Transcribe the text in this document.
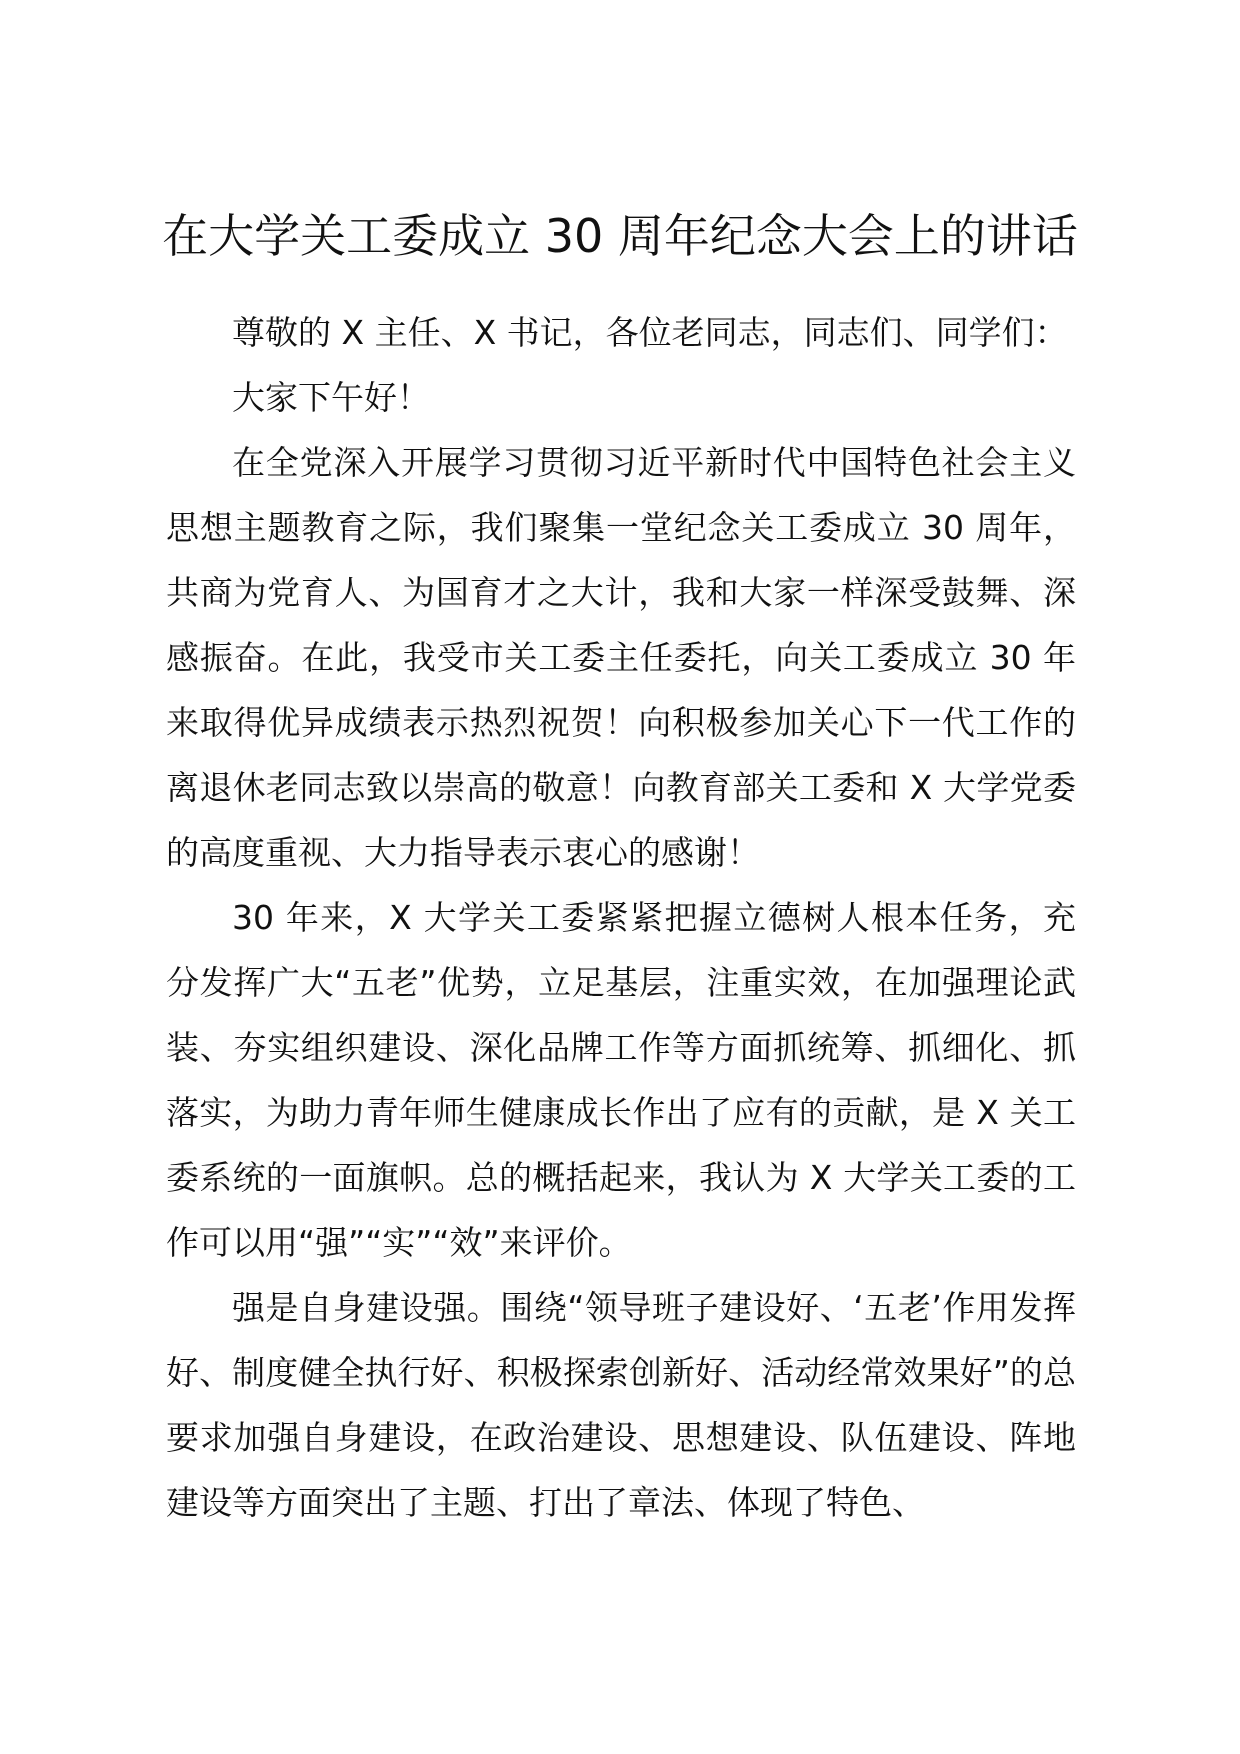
在大学关工委成立 30 周年纪念大会上的讲话

尊敬的 X 主任、X 书记，各位老同志，同志们、同学们：

大家下午好！

在全党深入开展学习贯彻习近平新时代中国特色社会主义思想主题教育之际，我们聚集一堂纪念关工委成立 30 周年，共商为党育人、为国育才之大计，我和大家一样深受鼓舞、深感振奋。在此，我受市关工委主任委托，向关工委成立 30 年来取得优异成绩表示热烈祝贺！向积极参加关心下一代工作的离退休老同志致以崇高的敬意！向教育部关工委和 X 大学党委的高度重视、大力指导表示衷心的感谢！

30 年来，X 大学关工委紧紧把握立德树人根本任务，充分发挥广大“五老”优势，立足基层，注重实效，在加强理论武装、夯实组织建设、深化品牌工作等方面抓统筹、抓细化、抓落实，为助力青年师生健康成长作出了应有的贡献，是 X 关工委系统的一面旗帜。总的概括起来，我认为 X 大学关工委的工作可以用“强”“实”“效”来评价。

强是自身建设强。围绕“领导班子建设好、‘五老’作用发挥好、制度健全执行好、积极探索创新好、活动经常效果好”的总要求加强自身建设，在政治建设、思想建设、队伍建设、阵地建设等方面突出了主题、打出了章法、体现了特色、
